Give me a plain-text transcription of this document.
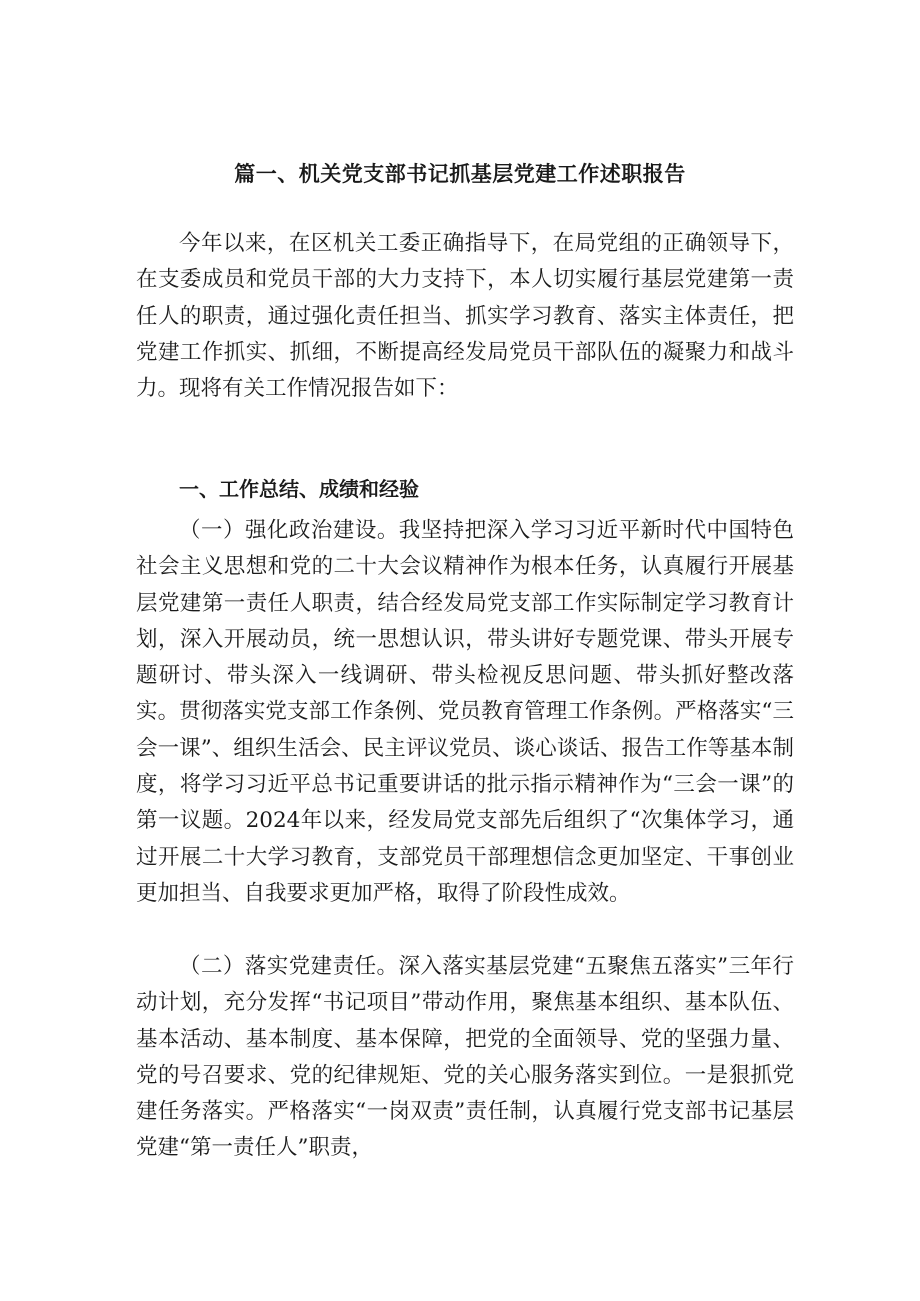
篇一、机关党支部书记抓基层党建工作述职报告

今年以来，在区机关工委正确指导下，在局党组的正确领导下，在支委成员和党员干部的大力支持下，本人切实履行基层党建第一责任人的职责，通过强化责任担当、抓实学习教育、落实主体责任，把党建工作抓实、抓细，不断提高经发局党员干部队伍的凝聚力和战斗力。现将有关工作情况报告如下：

一、工作总结、成绩和经验

（一）强化政治建设。我坚持把深入学习习近平新时代中国特色社会主义思想和党的二十大会议精神作为根本任务，认真履行开展基层党建第一责任人职责，结合经发局党支部工作实际制定学习教育计划，深入开展动员，统一思想认识，带头讲好专题党课、带头开展专题研讨、带头深入一线调研、带头检视反思问题、带头抓好整改落实。贯彻落实党支部工作条例、党员教育管理工作条例。严格落实“三会一课”、组织生活会、民主评议党员、谈心谈话、报告工作等基本制度，将学习习近平总书记重要讲话的批示指示精神作为“三会一课”的第一议题。2024年以来，经发局党支部先后组织了“次集体学习，通过开展二十大学习教育，支部党员干部理想信念更加坚定、干事创业更加担当、自我要求更加严格，取得了阶段性成效。

（二）落实党建责任。深入落实基层党建“五聚焦五落实”三年行动计划，充分发挥“书记项目”带动作用，聚焦基本组织、基本队伍、基本活动、基本制度、基本保障，把党的全面领导、党的坚强力量、党的号召要求、党的纪律规矩、党的关心服务落实到位。一是狠抓党建任务落实。严格落实“一岗双责”责任制，认真履行党支部书记基层党建“第一责任人”职责，
